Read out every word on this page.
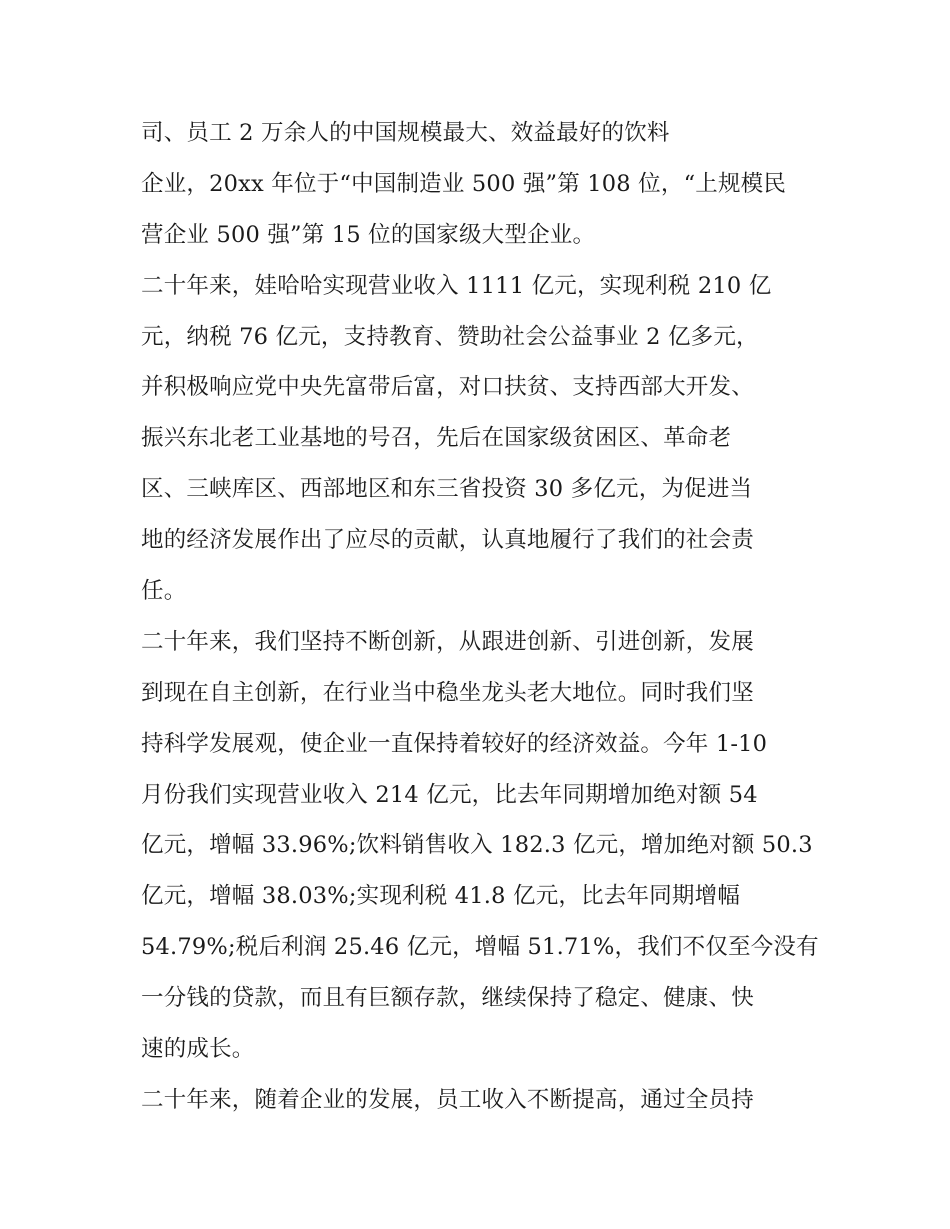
司、员工 2 万余人的中国规模最大、效益最好的饮料
企业，20xx 年位于“中国制造业 500 强”第 108 位，“上规模民
营企业 500 强”第 15 位的国家级大型企业。
二十年来，娃哈哈实现营业收入 1111 亿元，实现利税 210 亿
元，纳税 76 亿元，支持教育、赞助社会公益事业 2 亿多元，
并积极响应党中央先富带后富，对口扶贫、支持西部大开发、
振兴东北老工业基地的号召，先后在国家级贫困区、革命老
区、三峡库区、西部地区和东三省投资 30 多亿元，为促进当
地的经济发展作出了应尽的贡献，认真地履行了我们的社会责
任。
二十年来，我们坚持不断创新，从跟进创新、引进创新，发展
到现在自主创新，在行业当中稳坐龙头老大地位。同时我们坚
持科学发展观，使企业一直保持着较好的经济效益。今年 1-10
月份我们实现营业收入 214 亿元，比去年同期增加绝对额 54
亿元，增幅 33.96%;饮料销售收入 182.3 亿元，增加绝对额 50.3
亿元，增幅 38.03%;实现利税 41.8 亿元，比去年同期增幅
54.79%;税后利润 25.46 亿元，增幅 51.71%，我们不仅至今没有
一分钱的贷款，而且有巨额存款，继续保持了稳定、健康、快
速的成长。
二十年来，随着企业的发展，员工收入不断提高，通过全员持
